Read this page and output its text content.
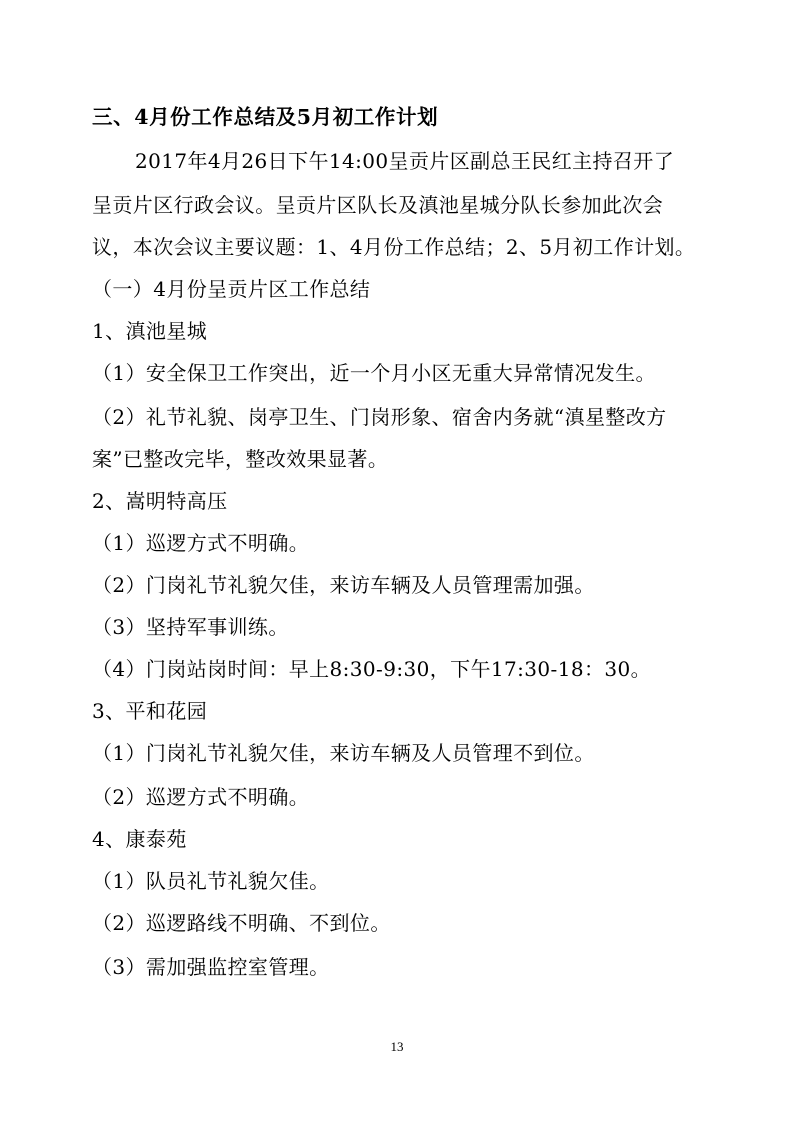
三、4月份工作总结及5月初工作计划
2017年4月26日下午14:00呈贡片区副总王民红主持召开了
呈贡片区行政会议。呈贡片区队长及滇池星城分队长参加此次会
议，本次会议主要议题：1、4月份工作总结；2、5月初工作计划。
（一）4月份呈贡片区工作总结
1、滇池星城
（1）安全保卫工作突出，近一个月小区无重大异常情况发生。
（2）礼节礼貌、岗亭卫生、门岗形象、宿舍内务就“滇星整改方
案”已整改完毕，整改效果显著。
2、嵩明特高压
（1）巡逻方式不明确。
（2）门岗礼节礼貌欠佳，来访车辆及人员管理需加强。
（3）坚持军事训练。
（4）门岗站岗时间：早上8:30-9:30，下午17:30-18：30。
3、平和花园
（1）门岗礼节礼貌欠佳，来访车辆及人员管理不到位。
（2）巡逻方式不明确。
4、康泰苑
（1）队员礼节礼貌欠佳。
（2）巡逻路线不明确、不到位。
（3）需加强监控室管理。
13
